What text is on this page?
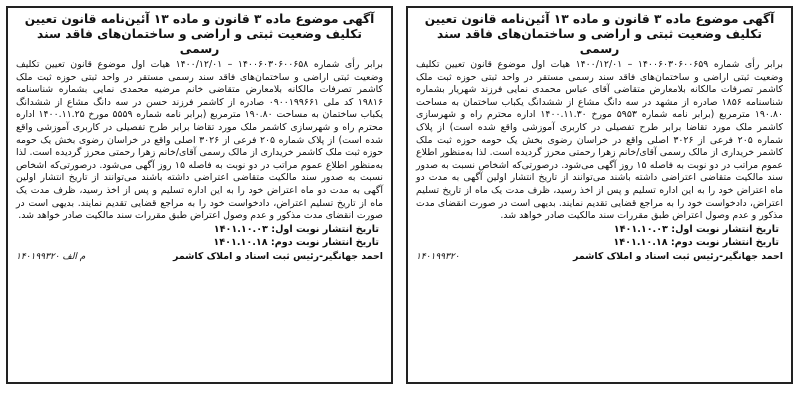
آگهی موضوع ماده ۳ قانون و ماده ۱۳ آئین‌نامه قانون تعیین تکلیف وضعیت ثبتی و اراضی و ساختمان‌های فاقد سند رسمی

برابر رأی شماره ۱۴۰۰۶۰۳۰۶۰۰۶۵۹ – ۱۴۰۰/۱۲/۰۱ هیات اول موضوع قانون تعیین تکلیف وضعیت ثبتی اراضی و ساختمان‌های فاقد سند رسمی مستقر در واحد ثبتی حوزه ثبت ملک کاشمر تصرفات مالکانه بلامعارض متقاضی آقای عباس محمدی نمایی فرزند شهریار بشماره شناسنامه ۱۸۵۶ صادره از مشهد در سه دانگ مشاع از ششدانگ یکباب ساختمان به مساحت ۱۹۰.۸۰ مترمربع (برابر نامه شماره ۵۹۵۳ مورخ ۱۴۰۰.۱۱.۳۰ اداره محترم راه و شهرسازی کاشمر ملک مورد تقاضا برابر طرح تفصیلی در کاربری آموزشی واقع شده است) از پلاک شماره ۲۰۵ فرعی از ۳۰۲۶ اصلی واقع در خراسان رضوی بخش یک حومه حوزه ثبت ملک کاشمر خریداری از مالک رسمی آقای/خانم زهرا رحمتی محرز گردیده است. لذا به‌منظور اطلاع عموم مراتب در دو نوبت به فاصله ۱۵ روز آگهی می‌شود. درصورتی‌که اشخاص نسبت به صدور سند مالکیت متقاضی اعتراضی داشته باشند می‌توانند از تاریخ انتشار اولین آگهی به مدت دو ماه اعتراض خود را به این اداره تسلیم و پس از اخذ رسید، ظرف مدت یک ماه از تاریخ تسلیم اعتراض، دادخواست خود را به مراجع قضایی تقدیم نمایند. بدیهی است در صورت انقضای مدت مذکور و عدم وصول اعتراض طبق مقررات سند مالکیت صادر خواهد شد.

تاریخ انتشار نوبت اول: ۱۴۰۱.۱۰.۰۳
تاریخ انتشار نوبت دوم: ۱۴۰۱.۱۰.۱۸
احمد جهانگیر-رئیس ثبت اسناد و املاک کاشمر
۱۴۰۱۹۹۳۲۰
آگهی موضوع ماده ۳ قانون و ماده ۱۳ آئین‌نامه قانون تعیین تکلیف وضعیت ثبتی و اراضی و ساختمان‌های فاقد سند رسمی

برابر رأی شماره ۱۴۰۰۶۰۳۰۶۰۰۶۵۸ – ۱۴۰۰/۱۲/۰۱ هیات اول موضوع قانون تعیین تکلیف وضعیت ثبتی اراضی و ساختمان‌های فاقد سند رسمی مستقر در واحد ثبتی حوزه ثبت ملک کاشمر تصرفات مالکانه بلامعارض متقاضی خانم مرضیه محمدی نمایی بشماره شناسنامه ۱۹۸۱۶ کد ملی ۰۹۰۰۱۹۹۶۶۱ صادره از کاشمر فرزند حسن در سه دانگ مشاع از ششدانگ یکباب ساختمان به مساحت ۱۹۰.۸۰ مترمربع (برابر نامه شماره ۵۵۵۹ مورخ ۱۴۰۰.۱۱.۲۵ اداره محترم راه و شهرسازی کاشمر ملک مورد تقاضا برابر طرح تفصیلی در کاربری آموزشی واقع شده است) از پلاک شماره ۲۰۵ فرعی از ۳۰۲۶ اصلی واقع در خراسان رضوی بخش یک حومه حوزه ثبت ملک کاشمر خریداری از مالک رسمی آقای/خانم زهرا رحمتی محرز گردیده است. لذا به‌منظور اطلاع عموم مراتب در دو نوبت به فاصله ۱۵ روز آگهی می‌شود. درصورتی‌که اشخاص نسبت به صدور سند مالکیت متقاضی اعتراضی داشته باشند می‌توانند از تاریخ انتشار اولین آگهی به مدت دو ماه اعتراض خود را به این اداره تسلیم و پس از اخذ رسید، ظرف مدت یک ماه از تاریخ تسلیم اعتراض، دادخواست خود را به مراجع قضایی تقدیم نمایند. بدیهی است در صورت انقضای مدت مذکور و عدم وصول اعتراض طبق مقررات سند مالکیت صادر خواهد شد.

تاریخ انتشار نوبت اول: ۱۴۰۱.۱۰.۰۳
تاریخ انتشار نوبت دوم: ۱۴۰۱.۱۰.۱۸
احمد جهانگیر-رئیس ثبت اسناد و املاک کاشمر
م الف ۱۴۰۱۹۹۳۲۰
